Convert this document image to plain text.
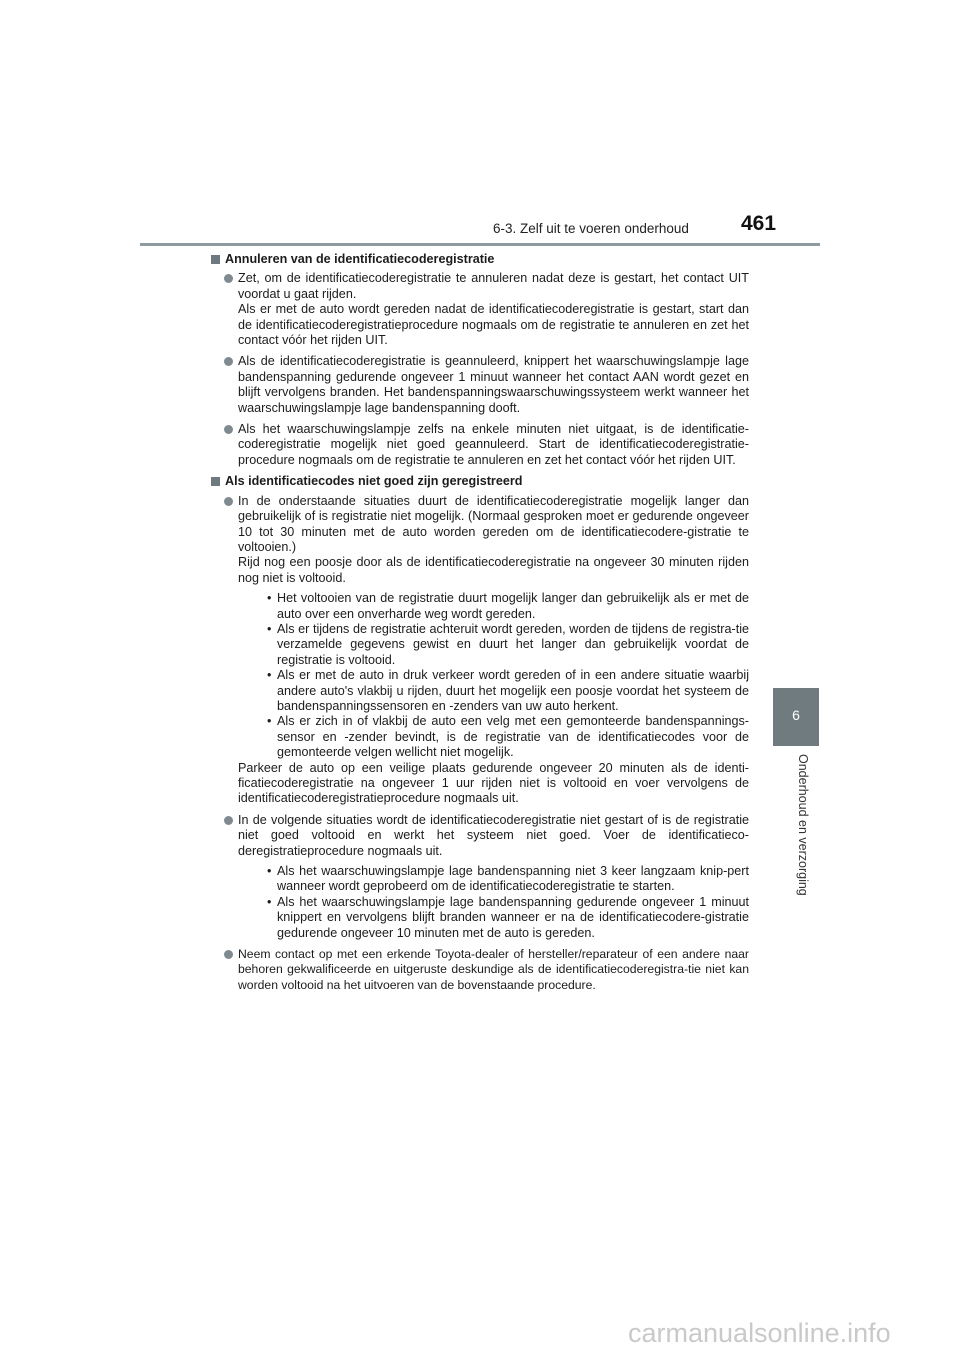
6-3. Zelf uit te voeren onderhoud 461
6
Onderhoud en verzorging
Annuleren van de identificatiecoderegistratie
Zet, om de identificatiecoderegistratie te annuleren nadat deze is gestart, het contact UIT voordat u gaat rijden.
Als er met de auto wordt gereden nadat de identificatiecoderegistratie is gestart, start dan de identificatiecoderegistratieprocedure nogmaals om de registratie te annuleren en zet het contact vóór het rijden UIT.
Als de identificatiecoderegistratie is geannuleerd, knippert het waarschuwingslampje lage bandenspanning gedurende ongeveer 1 minuut wanneer het contact AAN wordt gezet en blijft vervolgens branden. Het bandenspanningswaarschuwingssysteem werkt wanneer het waarschuwingslampje lage bandenspanning dooft.
Als het waarschuwingslampje zelfs na enkele minuten niet uitgaat, is de identificatie-coderegistratie mogelijk niet goed geannuleerd. Start de identificatiecoderegistratie-procedure nogmaals om de registratie te annuleren en zet het contact vóór het rijden UIT.
Als identificatiecodes niet goed zijn geregistreerd
In de onderstaande situaties duurt de identificatiecoderegistratie mogelijk langer dan gebruikelijk of is registratie niet mogelijk. (Normaal gesproken moet er gedurende ongeveer 10 tot 30 minuten met de auto worden gereden om de identificatiecodere-gistratie te voltooien.)
Rijd nog een poosje door als de identificatiecoderegistratie na ongeveer 30 minuten rijden nog niet is voltooid.
• Het voltooien van de registratie duurt mogelijk langer dan gebruikelijk als er met de auto over een onverharde weg wordt gereden.
• Als er tijdens de registratie achteruit wordt gereden, worden de tijdens de registra-tie verzamelde gegevens gewist en duurt het langer dan gebruikelijk voordat de registratie is voltooid.
• Als er met de auto in druk verkeer wordt gereden of in een andere situatie waarbij andere auto's vlakbij u rijden, duurt het mogelijk een poosje voordat het systeem de bandenspanningssensoren en -zenders van uw auto herkent.
• Als er zich in of vlakbij de auto een velg met een gemonteerde bandenspannings-sensor en -zender bevindt, is de registratie van de identificatiecodes voor de gemonteerde velgen wellicht niet mogelijk.
Parkeer de auto op een veilige plaats gedurende ongeveer 20 minuten als de identi-ficatiecoderegistratie na ongeveer 1 uur rijden niet is voltooid en voer vervolgens de identificatiecoderegistratieprocedure nogmaals uit.
In de volgende situaties wordt de identificatiecoderegistratie niet gestart of is de registratie niet goed voltooid en werkt het systeem niet goed. Voer de identificatieco-deregistratieprocedure nogmaals uit.
• Als het waarschuwingslampje lage bandenspanning niet 3 keer langzaam knip-pert wanneer wordt geprobeerd om de identificatiecoderegistratie te starten.
• Als het waarschuwingslampje lage bandenspanning gedurende ongeveer 1 minuut knippert en vervolgens blijft branden wanneer er na de identificatiecodere-gistratie gedurende ongeveer 10 minuten met de auto is gereden.
Neem contact op met een erkende Toyota-dealer of hersteller/reparateur of een andere naar behoren gekwalificeerde en uitgeruste deskundige als de identificatiecoderegistra-tie niet kan worden voltooid na het uitvoeren van de bovenstaande procedure.
carmanualsonline.info
